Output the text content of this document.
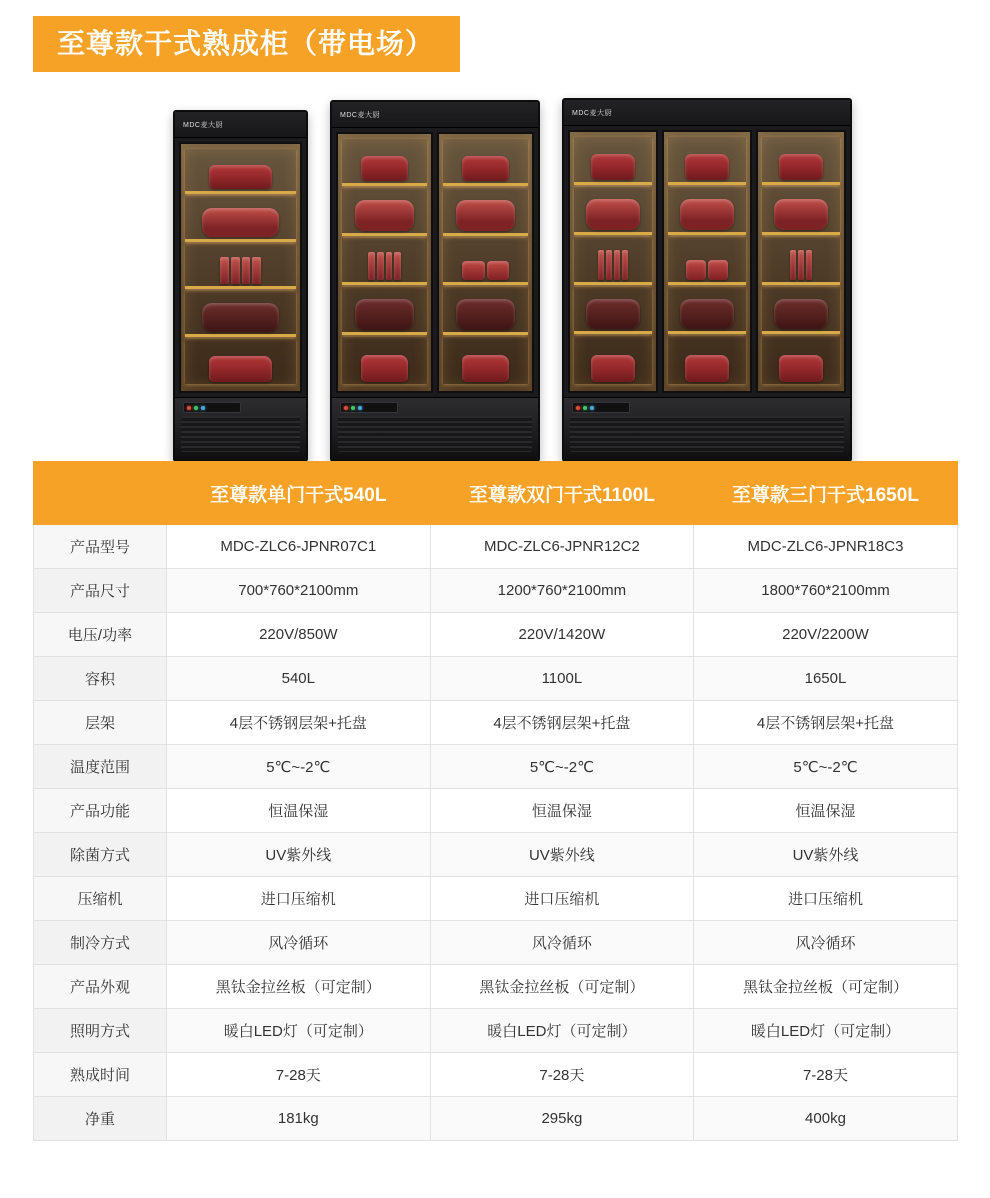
至尊款干式熟成柜（带电场）
MDC麦大厨
MDC麦大厨	MDC麦大厨
	至尊款单门干式540L	至尊款双门干式1100L	至尊款三门干式1650L
产品型号	MDC-ZLC6-JPNR07C1	MDC-ZLC6-JPNR12C2	MDC-ZLC6-JPNR18C3
产品尺寸	700*760*2100mm	1200*760*2100mm	1800*760*2100mm
电压/功率	220V/850W	220V/1420W	220V/2200W
容积	540L	1100L	1650L
层架	4层不锈钢层架+托盘	4层不锈钢层架+托盘	4层不锈钢层架+托盘
温度范围	5℃~-2℃	5℃~-2℃	5℃~-2℃
产品功能	恒温保湿	恒温保湿	恒温保湿
除菌方式	UV紫外线	UV紫外线	UV紫外线
压缩机	进口压缩机	进口压缩机	进口压缩机
制冷方式	风冷循环	风冷循环	风冷循环
产品外观	黑钛金拉丝板（可定制）	黑钛金拉丝板（可定制）	黑钛金拉丝板（可定制）
照明方式	暖白LED灯（可定制）	暖白LED灯（可定制）	暖白LED灯（可定制）
熟成时间	7-28天	7-28天	7-28天
净重	181kg	295kg	400kg
